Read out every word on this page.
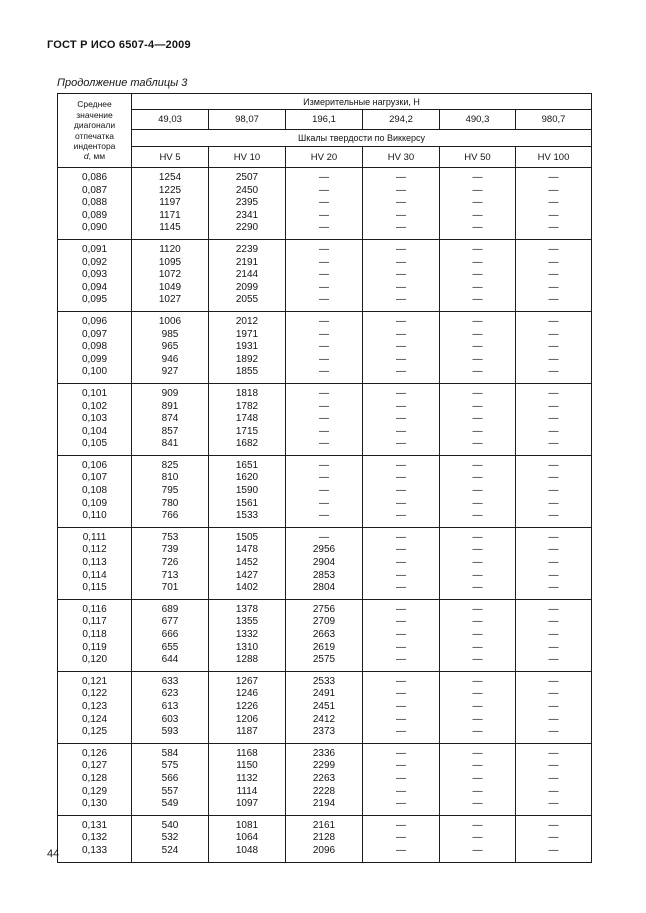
ГОСТ Р ИСО 6507-4—2009
Продолжение таблицы 3
Среднее
значение
диагонали
отпечатка
индентора
d, мм
	Измерительные нагрузки, Н
	49,03	98,07	196,1	294,2	490,3	980,7
	Шкалы твердости по Виккерсу					
	HV 5	HV 10	HV 20	HV 30	HV 50	HV 100
0,086	1254	2507	—	—	—	—
0,087	1225	2450	—	—	—	—
0,088	1197	2395	—	—	—	—
0,089	1171	2341	—	—	—	—
0,090	1145	2290	—	—	—	—
0,091	1120	2239	—	—	—	—
0,092	1095	2191	—	—	—	—
0,093	1072	2144	—	—	—	—
0,094	1049	2099	—	—	—	—
0,095	1027	2055	—	—	—	—
0,096	1006	2012	—	—	—	—
0,097	985	1971	—	—	—	—
0,098	965	1931	—	—	—	—
0,099	946	1892	—	—	—	—
0,100	927	1855	—	—	—	—
0,101	909	1818	—	—	—	—
0,102	891	1782	—	—	—	—
0,103	874	1748	—	—	—	—
0,104	857	1715	—	—	—	—
0,105	841	1682	—	—	—	—
0,106	825	1651	—	—	—	—
0,107	810	1620	—	—	—	—
0,108	795	1590	—	—	—	—
0,109	780	1561	—	—	—	—
0,110	766	1533	—	—	—	—
0,111	753	1505	—	—	—	—
0,112	739	1478	2956	—	—	—
0,113	726	1452	2904	—	—	—
0,114	713	1427	2853	—	—	—
0,115	701	1402	2804	—	—	—
0,116	689	1378	2756	—	—	—
0,117	677	1355	2709	—	—	—
0,118	666	1332	2663	—	—	—
0,119	655	1310	2619	—	—	—
0,120	644	1288	2575	—	—	—
0,121	633	1267	2533	—	—	—
0,122	623	1246	2491	—	—	—
0,123	613	1226	2451	—	—	—
0,124	603	1206	2412	—	—	—
0,125	593	1187	2373	—	—	—
0,126	584	1168	2336	—	—	—
0,127	575	1150	2299	—	—	—
0,128	566	1132	2263	—	—	—
0,129	557	1114	2228	—	—	—
0,130	549	1097	2194	—	—	—
0,131	540	1081	2161	—	—	—
0,132	532	1064	2128	—	—	—
0,133	524	1048	2096	—	—	—
44
